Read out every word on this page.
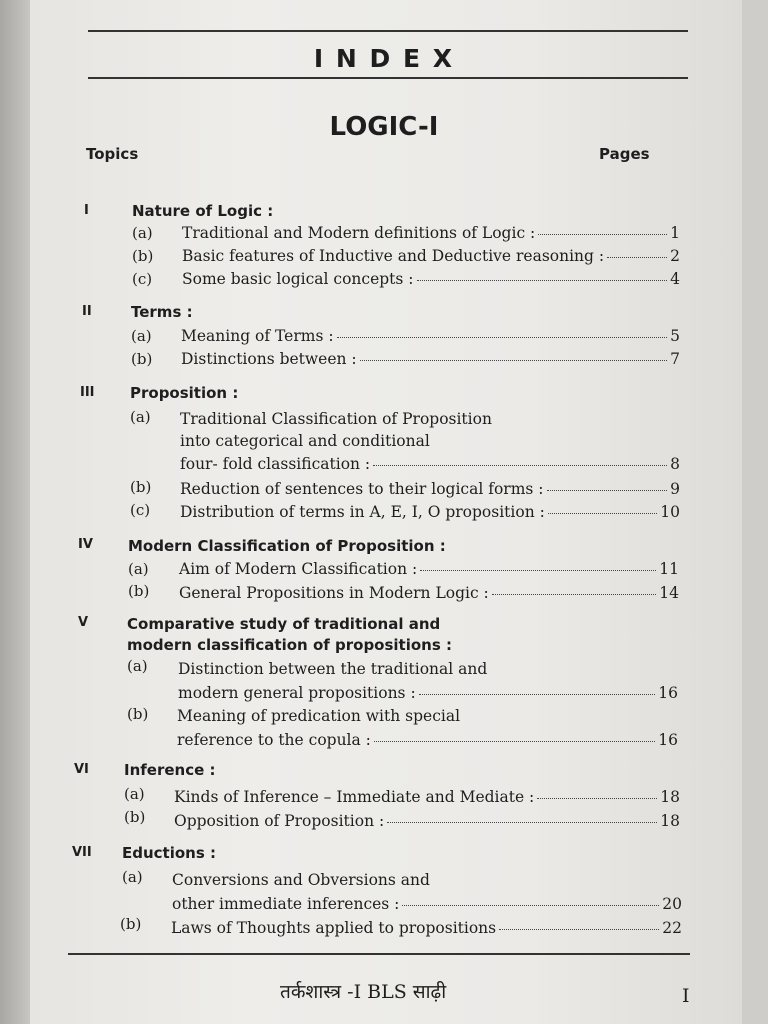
I N D E X
LOGIC-I
Topics	Pages
I	Nature of Logic :
(a) Traditional and Modern definitions of Logic :	1
(b) Basic features of Inductive and Deductive reasoning :	2
(c) Some basic logical concepts :	4
II	Terms :
(a) Meaning of Terms :	5
(b) Distinctions between :	7
III Proposition :
(a) Traditional Classification of Proposition
into categorical and conditional
four- fold classification :	8
(b) Reduction of sentences to their logical forms :	9
(c) Distribution of terms in A, E, I, O proposition :	10
IV Modern Classification of Proposition :
(a) Aim of Modern Classification :	11
(b) General Propositions in Modern Logic :	14
V	Comparative study of traditional and
modern classification of propositions :
(a) Distinction between the traditional and
modern general propositions :	16
(b) Meaning of predication with special
reference to the copula :	16
VI Inference :
(a) Kinds of Inference – Immediate and Mediate :	18
(b) Opposition of Proposition :	18
VII Eductions :
(a) Conversions and Obversions and
other immediate inferences :	20
(b) Laws of Thoughts applied to propositions	22
तर्कशास्त्र -I BLS साढ़ी	I
